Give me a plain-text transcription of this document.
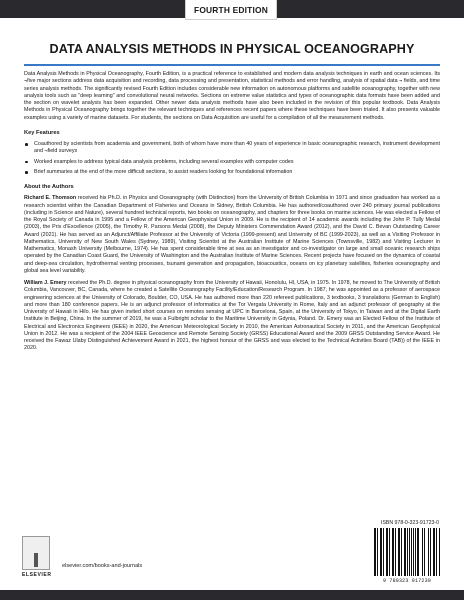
FOURTH EDITION
DATA ANALYSIS METHODS IN PHYSICAL OCEANOGRAPHY

Data Analysis Methods in Physical Oceanography, Fourth Edition, is a practical reference to established and modern data analysis techniques in earth and ocean sciences. Its ¬five major sections address data acquisition and recording, data processing and presentation, statistical methods and error handling, analysis of spatial data ¬ fields, and time series analysis methods. The significantly revised Fourth Edition includes considerable new information on autonomous platforms and satellite oceanography, together with new analysis tools such as "deep learning" and convolutional neural networks. Sections on extreme value statistics and types of oceanographic data formats have been added and the section on wavelet analysis has been expanded. Other newer data analysis methods have also been included in the revision of this popular textbook. Data Analysis Methods in Physical Oceanography brings together the relevant techniques and references recent papers where these techniques have been trialed. It also presents valuable examples using a variety of marine datasets. For students, the sections on Data Acquisition are useful for a compilation of all the measurement methods.

Key Features
Coauthored by scientists from academia and government, both of whom have more than 40 years of experience in basic oceanographic research, instrument development and ¬field surveys
Worked examples to address typical data analysis problems, including several examples with computer codes
Brief summaries at the end of the more difficult sections, to assist readers looking for foundational information
About the Authors

Richard E. Thomson received his Ph.D. in Physics and Oceanography (with Distinction) from the University of British Columbia in 1971 and since graduation has worked as a research scientist within the Canadian Department of Fisheries and Oceans in Sidney, British Columbia. He has authored/coauthored over 240 primary journal publications (including in Science and Nature), several hundred technical reports, two books on oceanography, and chapters for three books on marine sciences. He was elected a Fellow of the Royal Society of Canada in 1995 and a Fellow of the American Geophysical Union in 2009. He is the recipient of 14 academic awards including the John P. Tully Medal (2003), the Prix d'Excellence (2005), the Timothy R. Parsons Medal (2008), the Deputy Ministers Commendation Award (2012), and the David C. Bevan Outstanding Career Award (2021). He has served as an Adjunct/Affiliate Professor at the University of Victoria (1999-present) and University of BC (1999-2023), as well as a Visiting Professor in Mathematics, University of New South Wales (Sydney, 1989), Visiting Scientist at the Australian Institute of Marine Sciences (Townsville, 1982) and Visiting Lecturer in Mathematics, Monash University (Melbourne, 1974). He has spent considerable time at sea as an investigator and co-investigator on large and small oceanic research ships operated by the Canadian Coast Guard, the University of Washington and the Australian Institute of Marine Sciences. Recent projects have focused on the dynamics of coastal and deep-sea circulation, hydrothermal venting processes, tsunami generation and propagation, bioacoustics, oceans on icy planetary satellites, fisheries oceanography and global sea level variability.

William J. Emery received the Ph.D. degree in physical oceanography from the University of Hawaii, Honolulu, HI, USA, in 1975. In 1978, he moved to The University of British Columbia, Vancouver, BC, Canada, where he created a Satellite Oceanography Facility/Education/Research Program. In 1987, he was appointed as a professor of aerospace engineering sciences at the University of Colorado, Boulder, CO, USA. He has authored more than 220 refereed publications, 3 textbooks, 3 translations (German to English) and more than 180 conference papers. He is an adjunct professor of informatics at the Tor Vergata University in Rome, Italy and an adjunct professor of geography at the University of Hawaii in Hilo. He has given invited short courses on remotes sensing at UPC in Barcelona, Spain, at the University of Tokyo, in Taiwan and at the Digital Earth Institute in Beijing, China. In the summer of 2019, he was a Fulbright scholar to the Maritime University in Gdynia, Poland. Dr. Emery was an Elected Fellow of the Institute of Electrical and Electronics Engineers (IEEE) in 2020, the American Meteorological Society in 2010, the American Astronautical Society in 2011, and the American Geophysical Union in 2012. He was a recipient of the 2004 IEEE Geoscience and Remote Sensing Society (GRSS) Educational Award and the 2009 GRSS Outstanding Service Award. He received the Fawaz Ulaby Distinguished Achievement Award in 2021, the highest honour of the GRSS and was elected to the Technical Activities Board (TAB)) of the IEEE in 2020.

ELSEVIER
elsevier.com/books-and-journals
ISBN 978-0-323-91723-0
9 780323 917230
